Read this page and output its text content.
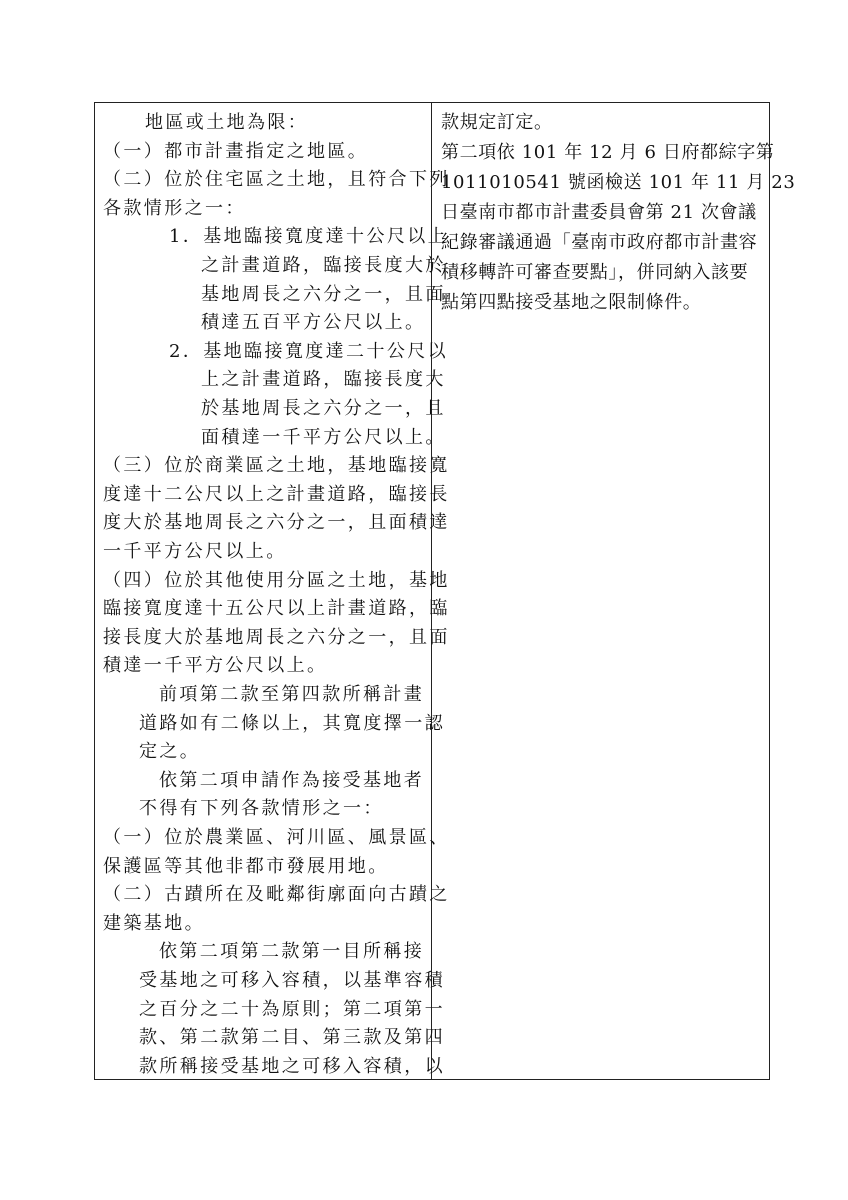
地區或土地為限：
（一）都市計畫指定之地區。
（二）位於住宅區之土地，且符合下列
各款情形之一：
1．基地臨接寬度達十公尺以上
之計畫道路，臨接長度大於
基地周長之六分之一，且面
積達五百平方公尺以上。
2．基地臨接寬度達二十公尺以
上之計畫道路，臨接長度大
於基地周長之六分之一，且
面積達一千平方公尺以上。
（三）位於商業區之土地，基地臨接寬
度達十二公尺以上之計畫道路，臨接長
度大於基地周長之六分之一，且面積達
一千平方公尺以上。
（四）位於其他使用分區之土地，基地
臨接寬度達十五公尺以上計畫道路，臨
接長度大於基地周長之六分之一，且面
積達一千平方公尺以上。
前項第二款至第四款所稱計畫
道路如有二條以上，其寬度擇一認
定之。
依第二項申請作為接受基地者
不得有下列各款情形之一：
（一）位於農業區、河川區、風景區、
保護區等其他非都市發展用地。
（二）古蹟所在及毗鄰街廓面向古蹟之
建築基地。
依第二項第二款第一目所稱接
受基地之可移入容積，以基準容積
之百分之二十為原則；第二項第一
款、第二款第二目、第三款及第四
款所稱接受基地之可移入容積，以
款規定訂定。
第二項依 101 年 12 月 6 日府都綜字第
1011010541 號函檢送 101 年 11 月 23
日臺南市都市計畫委員會第 21 次會議
紀錄審議通過「臺南市政府都市計畫容
積移轉許可審查要點」，併同納入該要
點第四點接受基地之限制條件。
